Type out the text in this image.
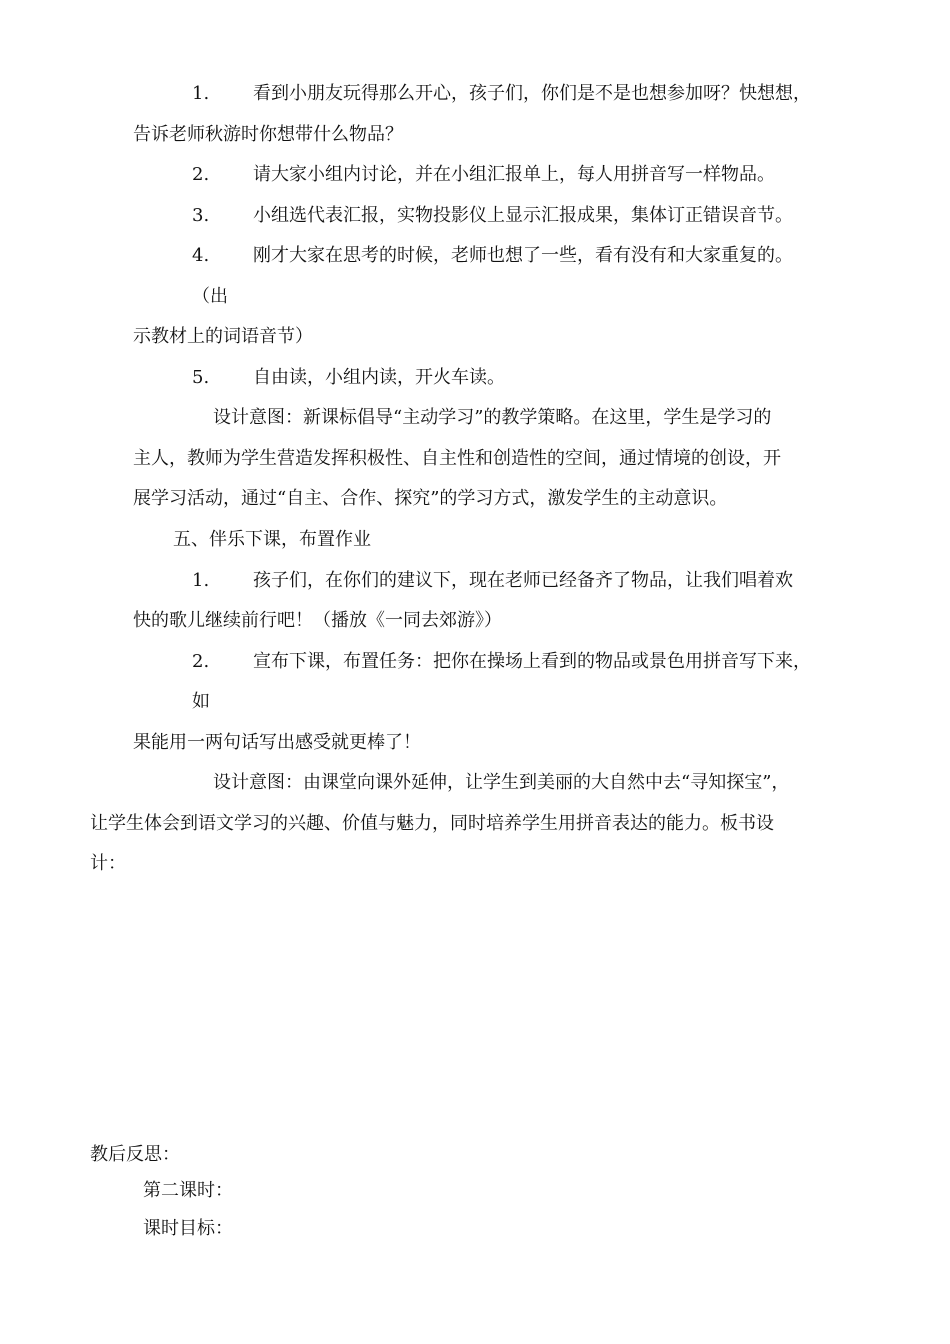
1. 看到小朋友玩得那么开心，孩子们，你们是不是也想参加呀？快想想，
告诉老师秋游时你想带什么物品？
2. 请大家小组内讨论，并在小组汇报单上，每人用拼音写一样物品。
3. 小组选代表汇报，实物投影仪上显示汇报成果，集体订正错误音节。
4. 刚才大家在思考的时候，老师也想了一些，看有没有和大家重复的。
（出
示教材上的词语音节）
5. 自由读，小组内读，开火车读。
设计意图：新课标倡导“主动学习”的教学策略。在这里，学生是学习的
主人，教师为学生营造发挥积极性、自主性和创造性的空间，通过情境的创设，开
展学习活动，通过“自主、合作、探究”的学习方式，激发学生的主动意识。
五、伴乐下课，布置作业
1. 孩子们，在你们的建议下，现在老师已经备齐了物品，让我们唱着欢
快的歌儿继续前行吧！（播放《一同去郊游》）
2. 宣布下课，布置任务：把你在操场上看到的物品或景色用拼音写下来，
如
果能用一两句话写出感受就更棒了！
设计意图：由课堂向课外延伸，让学生到美丽的大自然中去“寻知探宝”，
让学生体会到语文学习的兴趣、价值与魅力，同时培养学生用拼音表达的能力。板书设
计：
教后反思：
第二课时：
课时目标：
